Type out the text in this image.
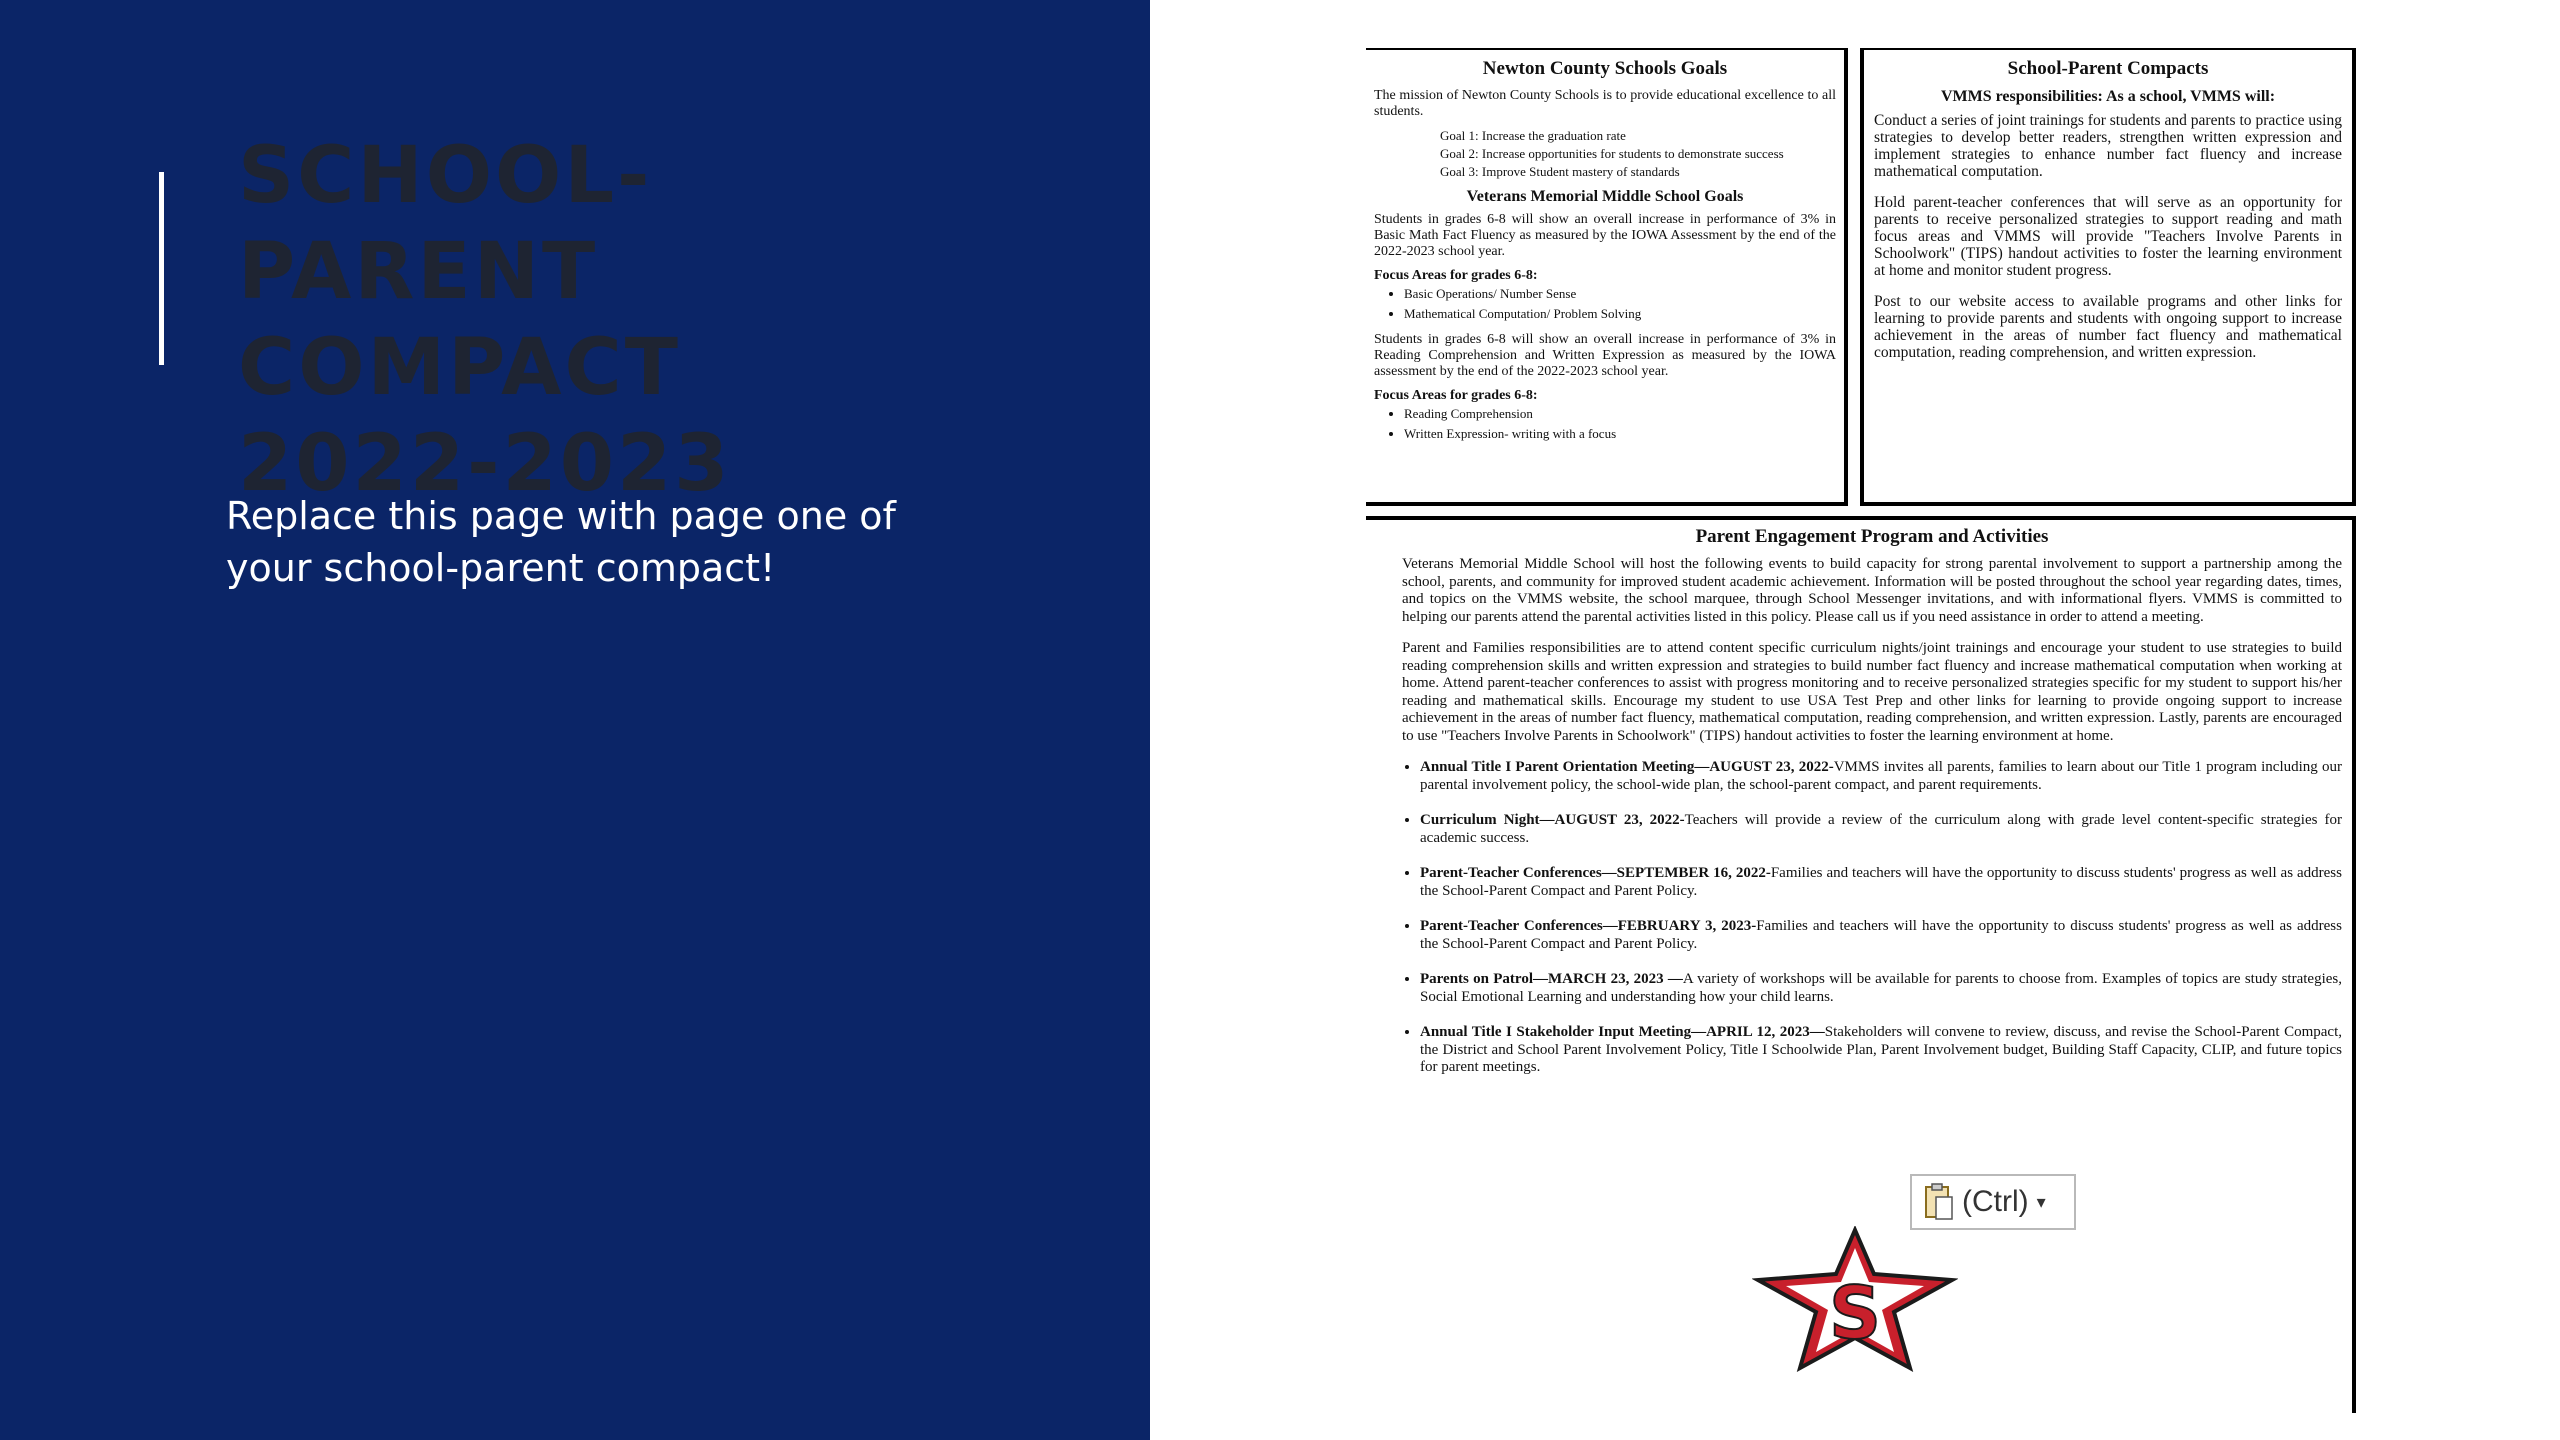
SCHOOL-PARENT COMPACT 2022-2023

Replace this page with page one of your school-parent compact!

Newton County Schools Goals

The mission of Newton County Schools is to provide educational excellence to all students.

Goal 1: Increase the graduation rate

Goal 2: Increase opportunities for students to demonstrate success

Goal 3: Improve Student mastery of standards

Veterans Memorial Middle School Goals

Students in grades 6-8 will show an overall increase in performance of 3% in Basic Math Fact Fluency as measured by the IOWA Assessment by the end of the 2022-2023 school year.

Focus Areas for grades 6-8:

• Basic Operations/ Number Sense
• Mathematical Computation/ Problem Solving

Students in grades 6-8 will show an overall increase in performance of 3% in Reading Comprehension and Written Expression as measured by the IOWA assessment by the end of the 2022-2023 school year.

Focus Areas for grades 6-8:

• Reading Comprehension
• Written Expression- writing with a focus
School-Parent Compacts
VMMS responsibilities: As a school, VMMS will:

Conduct a series of joint trainings for students and parents to practice using strategies to develop better readers, strengthen written expression and implement strategies to enhance number fact fluency and increase mathematical computation.

Hold parent-teacher conferences that will serve as an opportunity for parents to receive personalized strategies to support reading and math focus areas and VMMS will provide "Teachers Involve Parents in Schoolwork" (TIPS) handout activities to foster the learning environment at home and monitor student progress.

Post to our website access to available programs and other links for learning to provide parents and students with ongoing support to increase achievement in the areas of number fact fluency and mathematical computation, reading comprehension, and written expression.

Parent Engagement Program and Activities

Veterans Memorial Middle School will host the following events to build capacity for strong parental involvement to support a partnership among the school, parents, and community for improved student academic achievement. Information will be posted throughout the school year regarding dates, times, and topics on the VMMS website, the school marquee, through School Messenger invitations, and with informational flyers. VMMS is committed to helping our parents attend the parental activities listed in this policy. Please call us if you need assistance in order to attend a meeting.

Parent and Families responsibilities are to attend content specific curriculum nights/joint trainings and encourage your student to use strategies to build reading comprehension skills and written expression and strategies to build number fact fluency and increase mathematical computation when working at home. Attend parent-teacher conferences to assist with progress monitoring and to receive personalized strategies specific for my student to support his/her reading and mathematical skills. Encourage my student to use USA Test Prep and other links for learning to provide ongoing support to increase achievement in the areas of number fact fluency, mathematical computation, reading comprehension, and written expression. Lastly, parents are encouraged to use "Teachers Involve Parents in Schoolwork" (TIPS) handout activities to foster the learning environment at home.

• Annual Title I Parent Orientation Meeting—AUGUST 23, 2022-VMMS invites all parents, families to learn about our Title 1 program including our parental involvement policy, the school-wide plan, the school-parent compact, and parent requirements.
• Curriculum Night—AUGUST 23, 2022-Teachers will provide a review of the curriculum along with grade level content-specific strategies for academic success.
• Parent-Teacher Conferences—SEPTEMBER 16, 2022-Families and teachers will have the opportunity to discuss students' progress as well as address the School-Parent Compact and Parent Policy.
• Parent-Teacher Conferences—FEBRUARY 3, 2023-Families and teachers will have the opportunity to discuss students' progress as well as address the School-Parent Compact and Parent Policy.
• Parents on Patrol—MARCH 23, 2023 —A variety of workshops will be available for parents to choose from. Examples of topics are study strategies, Social Emotional Learning and understanding how your child learns.
• Annual Title I Stakeholder Input Meeting—APRIL 12, 2023—Stakeholders will convene to review, discuss, and revise the School-Parent Compact, the District and School Parent Involvement Policy, Title I Schoolwide Plan, Parent Involvement budget, Building Staff Capacity, CLIP, and future topics for parent meetings.
S
(Ctrl) ▾
